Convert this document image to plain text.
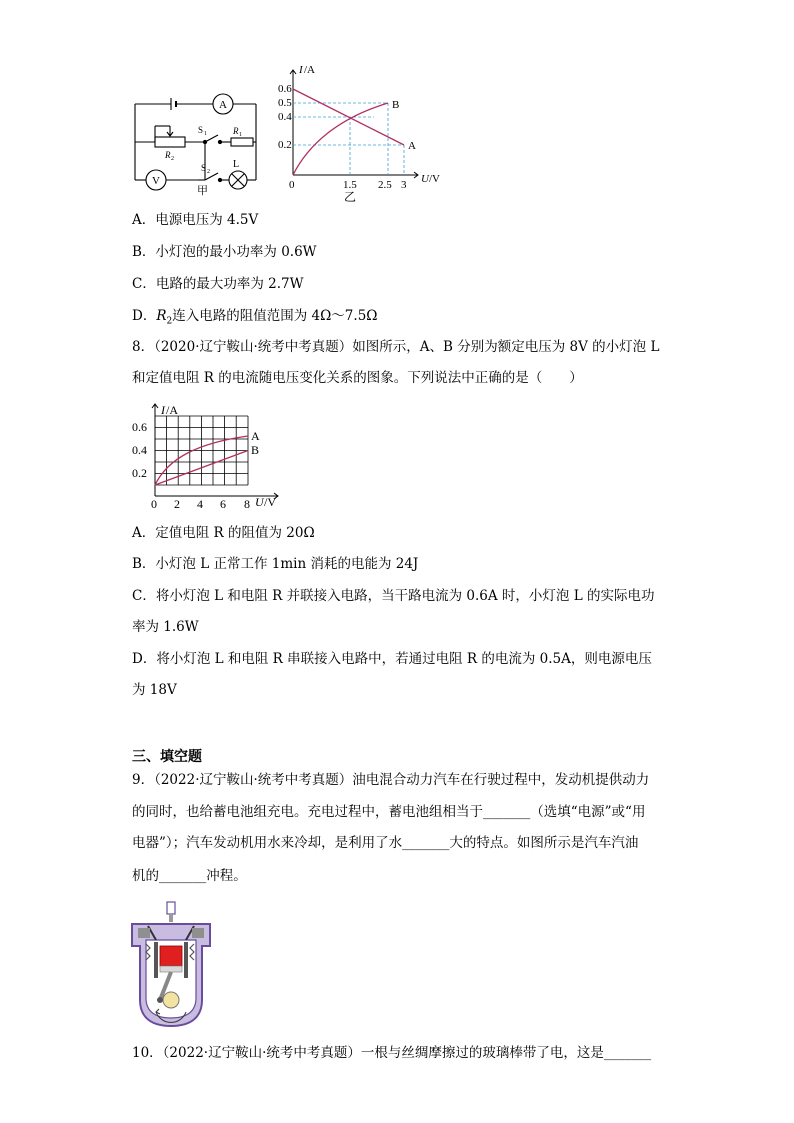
A
V
R 2
S 1	R 1
S 2
L
甲
0.6
0.5
0.4
0.2
0	1.5 2.5 3
I /A
U /V
B
A
乙
A．电源电压为 4.5V
B．小灯泡的最小功率为 0.6W
C．电路的最大功率为 2.7W
D．$R_2$连入电路的阻值范围为 4Ω～7.5Ω
8．（2020·辽宁鞍山·统考中考真题）如图所示，A、B 分别为额定电压为 8V 的小灯泡 L
和定值电阻 R 的电流随电压变化关系的图象。下列说法中正确的是（　　）
0.6
0.4
0.2
0 2 4 6 8
I /A
U /V
A
B
A．定值电阻 R 的阻值为 20Ω
B．小灯泡 L 正常工作 1min 消耗的电能为 24J
C．将小灯泡 L 和电阻 R 并联接入电路，当干路电流为 0.6A 时，小灯泡 L 的实际电功
率为 1.6W
D．将小灯泡 L 和电阻 R 串联接入电路中，若通过电阻 R 的电流为 0.5A，则电源电压
为 18V
三、填空题
9．（2022·辽宁鞍山·统考中考真题）油电混合动力汽车在行驶过程中，发动机提供动力
的同时，也给蓄电池组充电。充电过程中，蓄电池组相当于_______（选填“电源”或“用
电器”）；汽车发动机用水来冷却，是利用了水_______大的特点。如图所示是汽车汽油
机的_______冲程。
10．（2022·辽宁鞍山·统考中考真题）一根与丝绸摩擦过的玻璃棒带了电，这是_______
